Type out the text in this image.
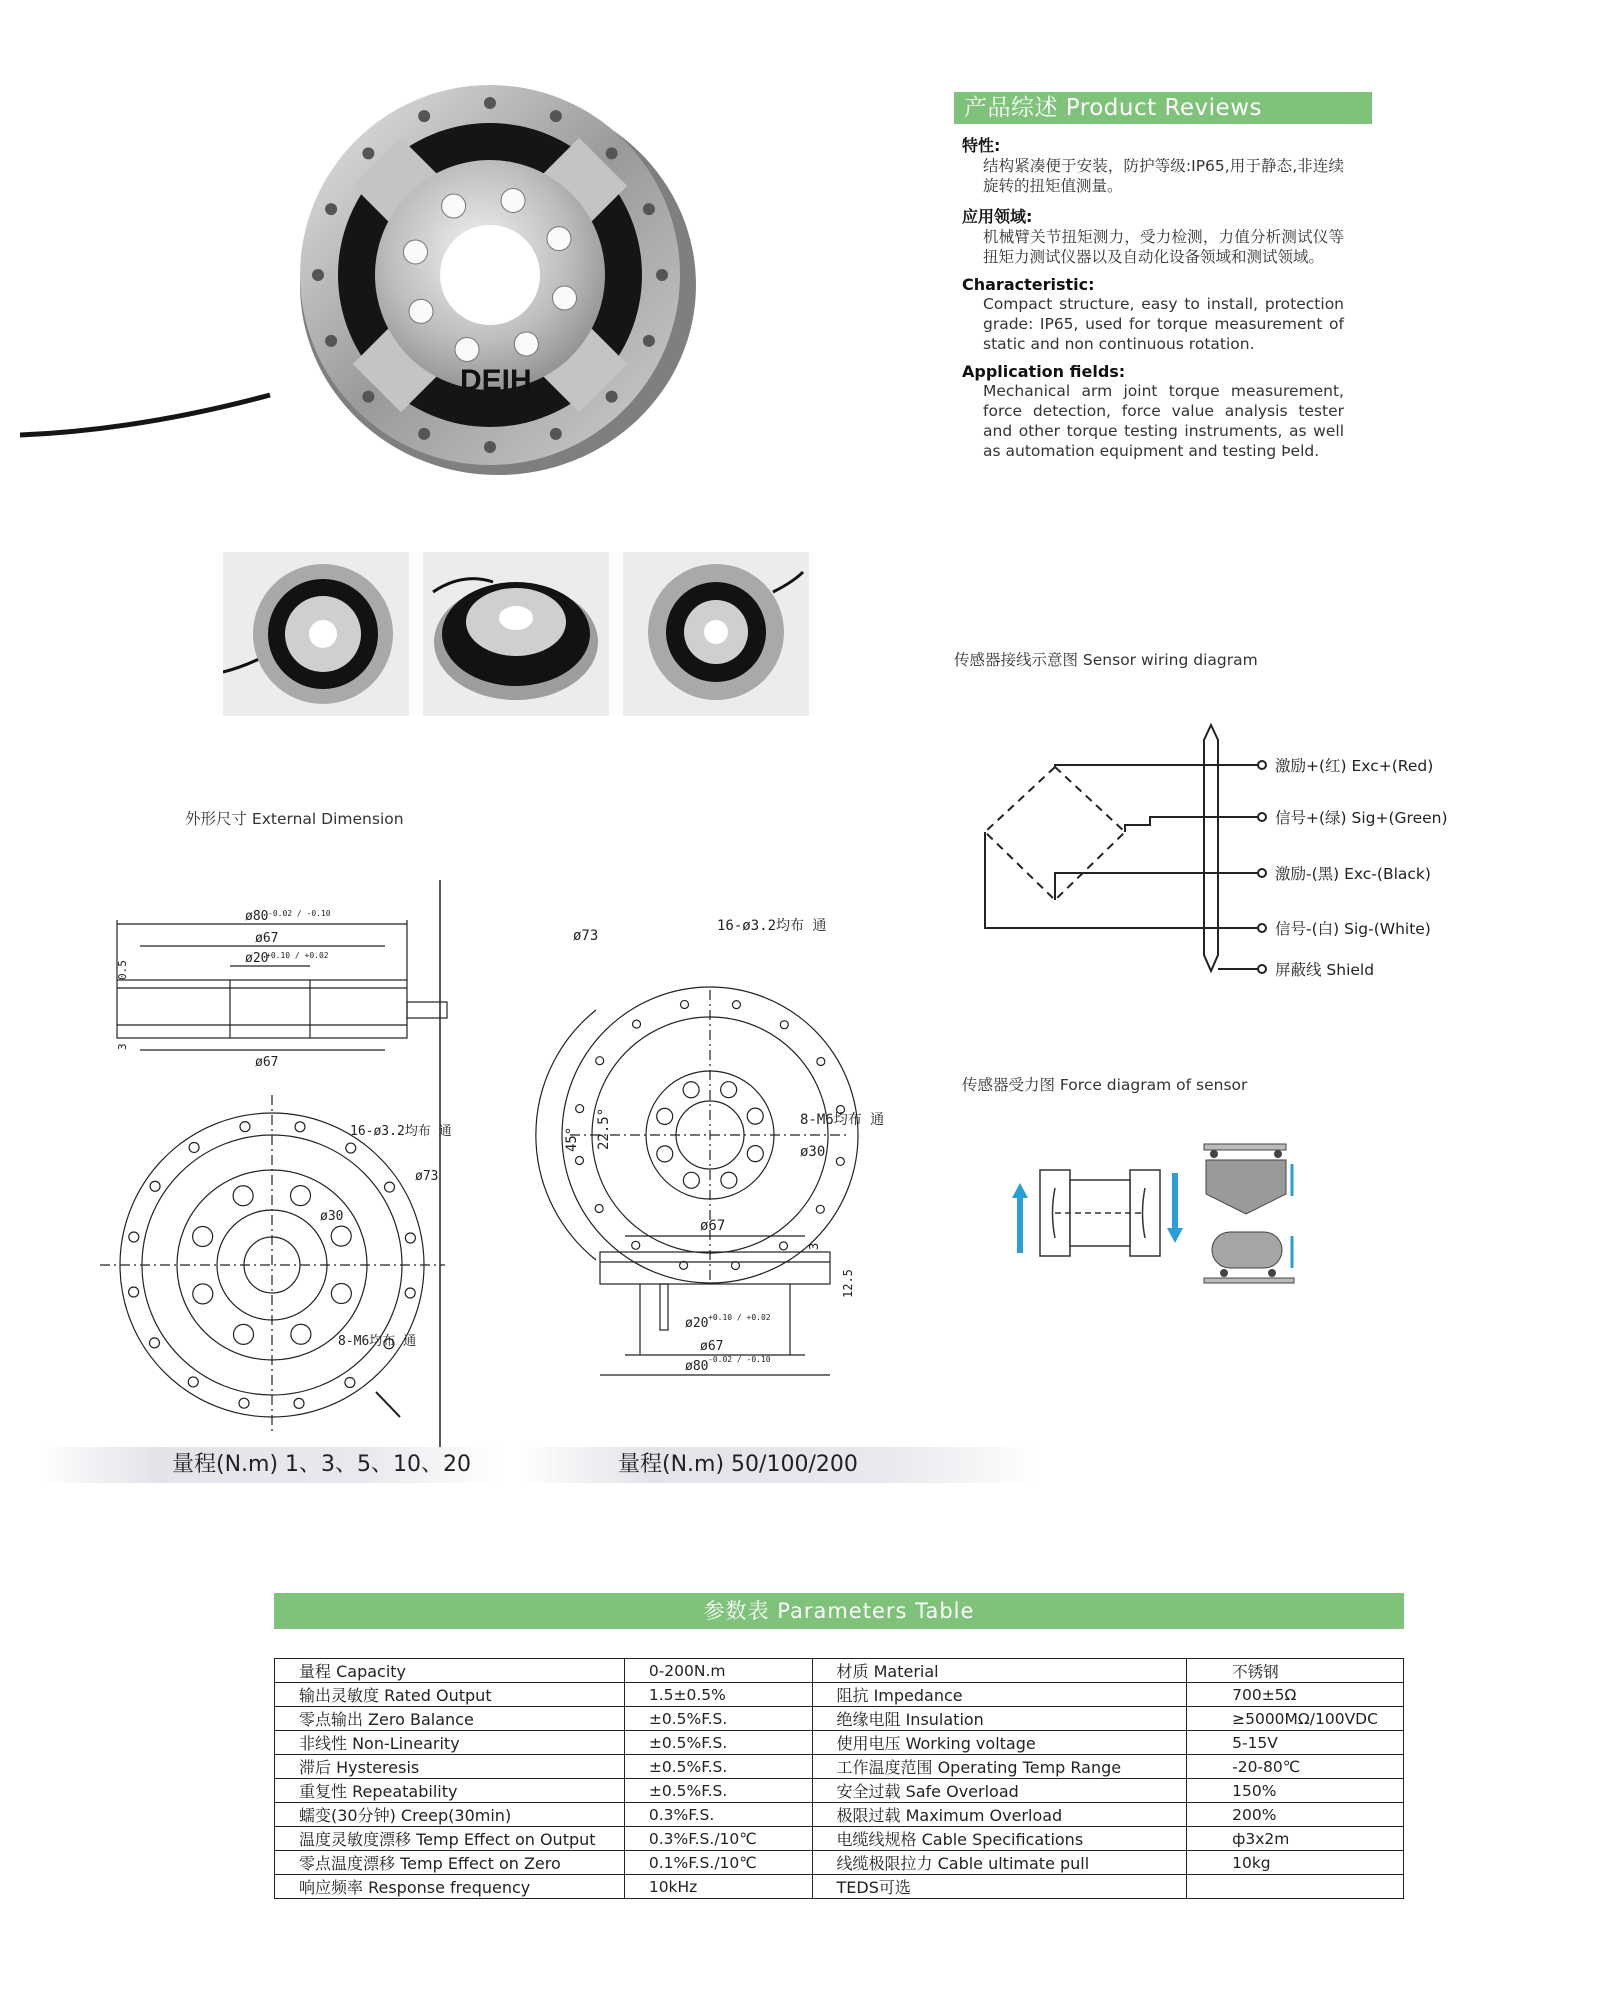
DEIH
产品综述 Product Reviews
特性:
结构紧凑便于安装，防护等级:IP65,用于静态,非连续旋转的扭矩值测量。
应用领域:
机械臂关节扭矩测力，受力检测，力值分析测试仪等扭矩力测试仪器以及自动化设备领域和测试领域。
Characteristic:
Compact structure, easy to install, protection grade: IP65, used for torque measurement of static and non continuous rotation.
Application fields:
Mechanical arm joint torque measurement, force detection, force value analysis tester and other torque testing instruments, as well as automation equipment and testing Þeld.
传感器接线示意图 Sensor wiring diagram
外形尺寸 External Dimension
传感器受力图 Force diagram of sensor
激励+(红) Exc+(Red)
信号+(绿) Sig+(Green)
激励-(黑) Exc-(Black)
信号-(白) Sig-(White)
屏蔽线 Shield
ø80 -0.02 / -0.10
ø67
ø20
+0.10 / +0.02
ø67
0.5
3
16-ø3.2均布 通
ø73
ø30
8-M6均布 通
ø73
16-ø3.2均布 通
45° 22.5°	8-M6均布 通
ø30
ø67
3
12.5
ø20 +0.10 / +0.02
ø67
ø80 -0.02 / -0.10
量程(N.m) 1、3、5、10、20	量程(N.m) 50/100/200
参数表 Parameters Table
量程 Capacity	0-200N.m	材质 Material	不锈钢
输出灵敏度 Rated Output	1.5±0.5%	阻抗 Impedance	700±5Ω
零点输出 Zero Balance	±0.5%F.S.	绝缘电阻 Insulation	≥5000MΩ/100VDC
非线性 Non-Linearity	±0.5%F.S.	使用电压 Working voltage	5-15V
滞后 Hysteresis	±0.5%F.S.	工作温度范围 Operating Temp Range	-20-80℃
重复性 Repeatability	±0.5%F.S.	安全过载 Safe Overload	150%
蠕变(30分钟) Creep(30min)	0.3%F.S.	极限过载 Maximum Overload	200%
温度灵敏度漂移 Temp Effect on Output	0.3%F.S./10℃	电缆线规格 Cable Specifications	ф3x2m
零点温度漂移 Temp Effect on Zero	0.1%F.S./10℃	线缆极限拉力 Cable ultimate pull	10kg
响应频率 Response frequency	10kHz	TEDS可选	
